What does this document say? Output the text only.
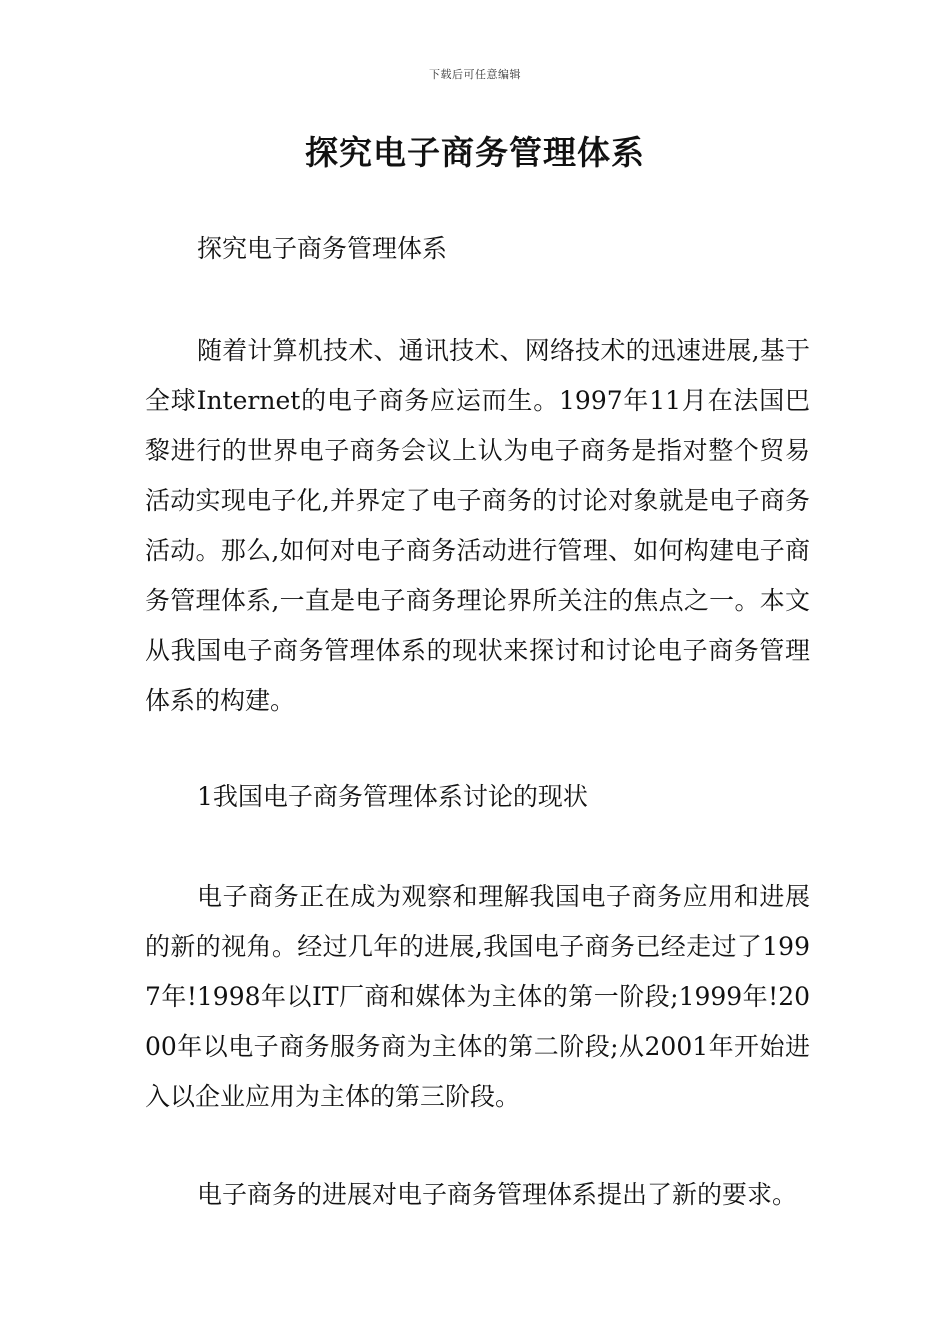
下载后可任意编辑
探究电子商务管理体系

探究电子商务管理体系

随着计算机技术、通讯技术、网络技术的迅速进展,基于全球Internet的电子商务应运而生。1997年11月在法国巴黎进行的世界电子商务会议上认为电子商务是指对整个贸易活动实现电子化,并界定了电子商务的讨论对象就是电子商务活动。那么,如何对电子商务活动进行管理、如何构建电子商务管理体系,一直是电子商务理论界所关注的焦点之一。本文从我国电子商务管理体系的现状来探讨和讨论电子商务管理体系的构建。

1我国电子商务管理体系讨论的现状

电子商务正在成为观察和理解我国电子商务应用和进展的新的视角。经过几年的进展,我国电子商务已经走过了1997年!1998年以IT厂商和媒体为主体的第一阶段;1999年!2000年以电子商务服务商为主体的第二阶段;从2001年开始进入以企业应用为主体的第三阶段。

电子商务的进展对电子商务管理体系提出了新的要求。
